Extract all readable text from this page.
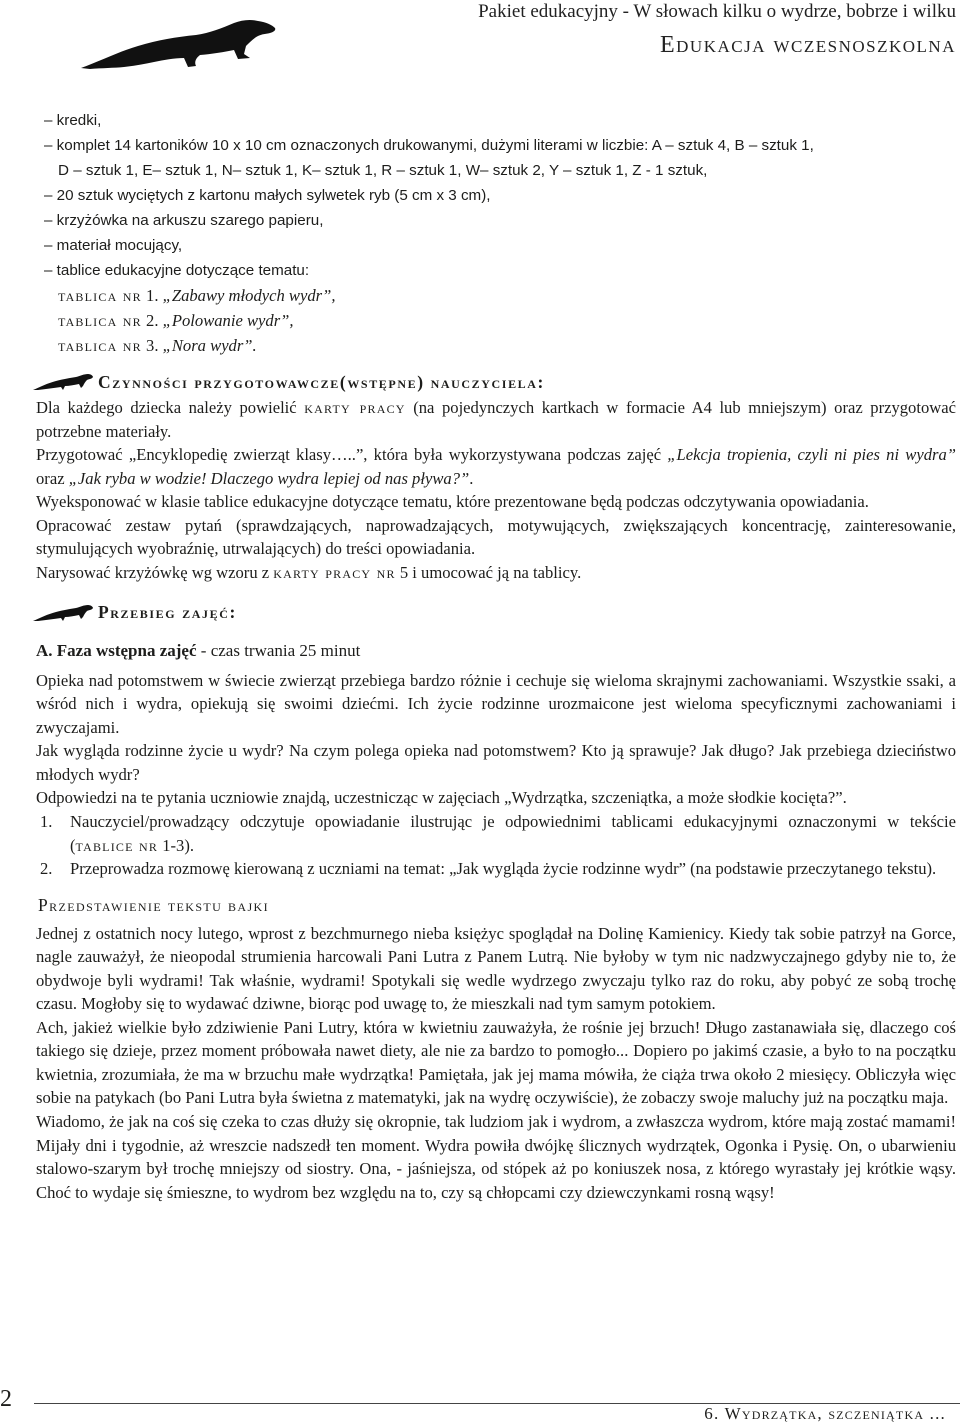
Pakiet edukacyjny - W słowach kilku o wydrze, bobrze i wilku
Edukacja wczesnoszkolna
– kredki,
– komplet 14 kartoników 10 x 10 cm oznaczonych drukowanymi, dużymi literami w liczbie: A – sztuk 4, B – sztuk 1,
D – sztuk 1, E– sztuk 1, N– sztuk 1, K– sztuk 1, R – sztuk 1, W– sztuk 2, Y – sztuk 1, Z - 1 sztuk,
– 20 sztuk wyciętych z kartonu małych sylwetek ryb (5 cm x 3 cm),
– krzyżówka na arkuszu szarego papieru,
– materiał mocujący,
– tablice edukacyjne dotyczące tematu:
tablica nr 1. „Zabawy młodych wydr”,
tablica nr 2. „Polowanie wydr”,
tablica nr 3. „Nora wydr”.
Czynności przygotowawcze(wstępne) nauczyciela:

Dla każdego dziecka należy powielić karty pracy (na pojedynczych kartkach w formacie A4 lub mniejszym) oraz przygotować potrzebne materiały.

Przygotować „Encyklopedię zwierząt klasy…..”, która była wykorzystywana podczas zajęć „Lekcja tropienia, czyli ni pies ni wydra” oraz „Jak ryba w wodzie! Dlaczego wydra lepiej od nas pływa?”.

Wyeksponować w klasie tablice edukacyjne dotyczące tematu, które prezentowane będą podczas odczytywania opowiadania.

Opracować zestaw pytań (sprawdzających, naprowadzających, motywujących, zwiększających koncentrację, zainteresowanie, stymulujących wyobraźnię, utrwalających) do treści opowiadania.

Narysować krzyżówkę wg wzoru z karty pracy nr 5 i umocować ją na tablicy.

Przebieg zajęć:
A. Faza wstępna zajęć - czas trwania 25 minut

Opieka nad potomstwem w świecie zwierząt przebiega bardzo różnie i cechuje się wieloma skrajnymi zachowaniami. Wszystkie ssaki, a wśród nich i wydra, opiekują się swoimi dziećmi. Ich życie rodzinne urozmaicone jest wieloma specyficznymi zachowaniami i zwyczajami.

Jak wygląda rodzinne życie u wydr? Na czym polega opieka nad potomstwem? Kto ją sprawuje? Jak długo? Jak przebiega dzieciństwo młodych wydr?

Odpowiedzi na te pytania uczniowie znajdą, uczestnicząc w zajęciach „Wydrzątka, szczeniątka, a może słodkie kocięta?”.

1.	Nauczyciel/prowadzący odczytuje opowiadanie ilustrując je odpowiednimi tablicami edukacyjnymi oznaczonymi w tekście (tablice nr 1-3).
2.	Przeprowadza rozmowę kierowaną z uczniami na temat: „Jak wygląda życie rodzinne wydr” (na podstawie przeczytanego tekstu).
Przedstawienie tekstu bajki

Jednej z ostatnich nocy lutego, wprost z bezchmurnego nieba księżyc spoglądał na Dolinę Kamienicy. Kiedy tak sobie patrzył na Gorce, nagle zauważył, że nieopodal strumienia harcowali Pani Lutra z Panem Lutrą. Nie byłoby w tym nic nadzwyczajnego gdyby nie to, że obydwoje byli wydrami! Tak właśnie, wydrami! Spotykali się wedle wydrzego zwyczaju tylko raz do roku, aby pobyć ze sobą trochę czasu. Mogłoby się to wydawać dziwne, biorąc pod uwagę to, że mieszkali nad tym samym potokiem.

Ach, jakież wielkie było zdziwienie Pani Lutry, która w kwietniu zauważyła, że rośnie jej brzuch! Długo zastanawiała się, dlaczego coś takiego się dzieje, przez moment próbowała nawet diety, ale nie za bardzo to pomogło... Dopiero po jakimś czasie, a było to na początku kwietnia, zrozumiała, że ma w brzuchu małe wydrzątka! Pamiętała, jak jej mama mówiła, że ciąża trwa około 2 miesięcy. Obliczyła więc sobie na patykach (bo Pani Lutra była świetna z matematyki, jak na wydrę oczywiście), że zobaczy swoje maluchy już na początku maja.

Wiadomo, że jak na coś się czeka to czas dłuży się okropnie, tak ludziom jak i wydrom, a zwłaszcza wydrom, które mają zostać mamami! Mijały dni i tygodnie, aż wreszcie nadszedł ten moment. Wydra powiła dwójkę ślicznych wydrzątek, Ogonka i Pysię. On, o ubarwieniu stalowo-szarym był trochę mniejszy od siostry. Ona, - jaśniejsza, od stópek aż po koniuszek nosa, z którego wyrastały jej krótkie wąsy. Choć to wydaje się śmieszne, to wydrom bez względu na to, czy są chłopcami czy dziewczynkami rosną wąsy!

2
6. Wydrzątka, szczeniątka ...
